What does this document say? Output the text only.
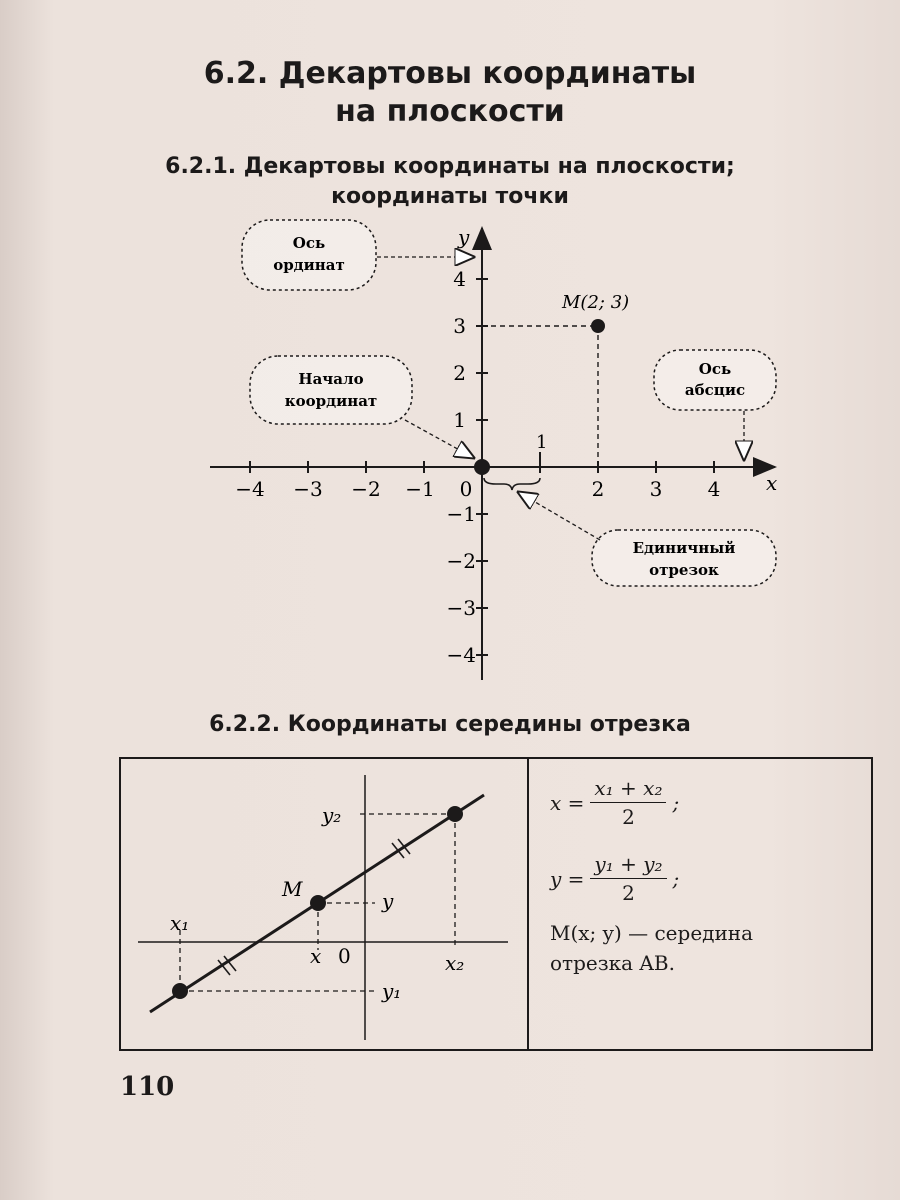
6.2. Декартовы координаты
на плоскости
6.2.1. Декартовы координаты на плоскости;
координаты точки
−4 −3 −2 −1	2 3 4
0
4
3
2
1
−1
−2
−3
−4
x
y
1
M(2; 3)
Ось
ординат
Начало
координат
Ось
абсцис
Единичный
отрезок
x₁
x 0	x₂
y₂
y
y₁
M
6.2.2. Координаты середины отрезка
$x = \frac{\text{x₁ + x₂}}{2}$ ;
$y = \frac{\text{y₁ + y₂}}{2}$ ;
M(x; y) — середина
отрезка AB.
110
